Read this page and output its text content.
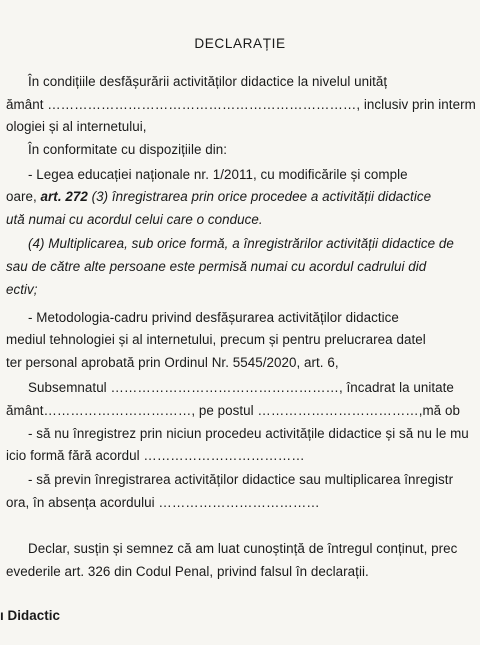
DECLARAȚIE
În condițiile desfășurării activităților didactice la nivelul unităț
ământ ……………………………………………………………, inclusiv prin interm
ologiei și al internetului,
În conformitate cu dispozițiile din:
- Legea educației naționale nr. 1/2011, cu modificările și comple
oare, art. 272 (3) înregistrarea prin orice procedee a activității didactice
ută numai cu acordul celui care o conduce.
(4) Multiplicarea, sub orice formă, a înregistrărilor activității didactice de
sau de către alte persoane este permisă numai cu acordul cadrului did
ectiv;
- Metodologia-cadru privind desfășurarea activităților didactice
mediul tehnologiei și al internetului, precum și pentru prelucrarea datel
ter personal aprobată prin Ordinul Nr. 5545/2020, art. 6,
Subsemnatul ……………………………………………, încadrat la unitate
ământ……………………………, pe postul ………………………………,mă ob
- să nu înregistrez prin niciun procedeu activitățile didactice și să nu le mu
icio formă fără acordul ………………………………
- să previn înregistrarea activităților didactice sau multiplicarea înregistr
ora, în absența acordului ………………………………
Declar, susțin și semnez că am luat cunoștință de întregul conținut, prec
evederile art. 326 din Codul Penal, privind falsul în declarații.
ı Didactic
